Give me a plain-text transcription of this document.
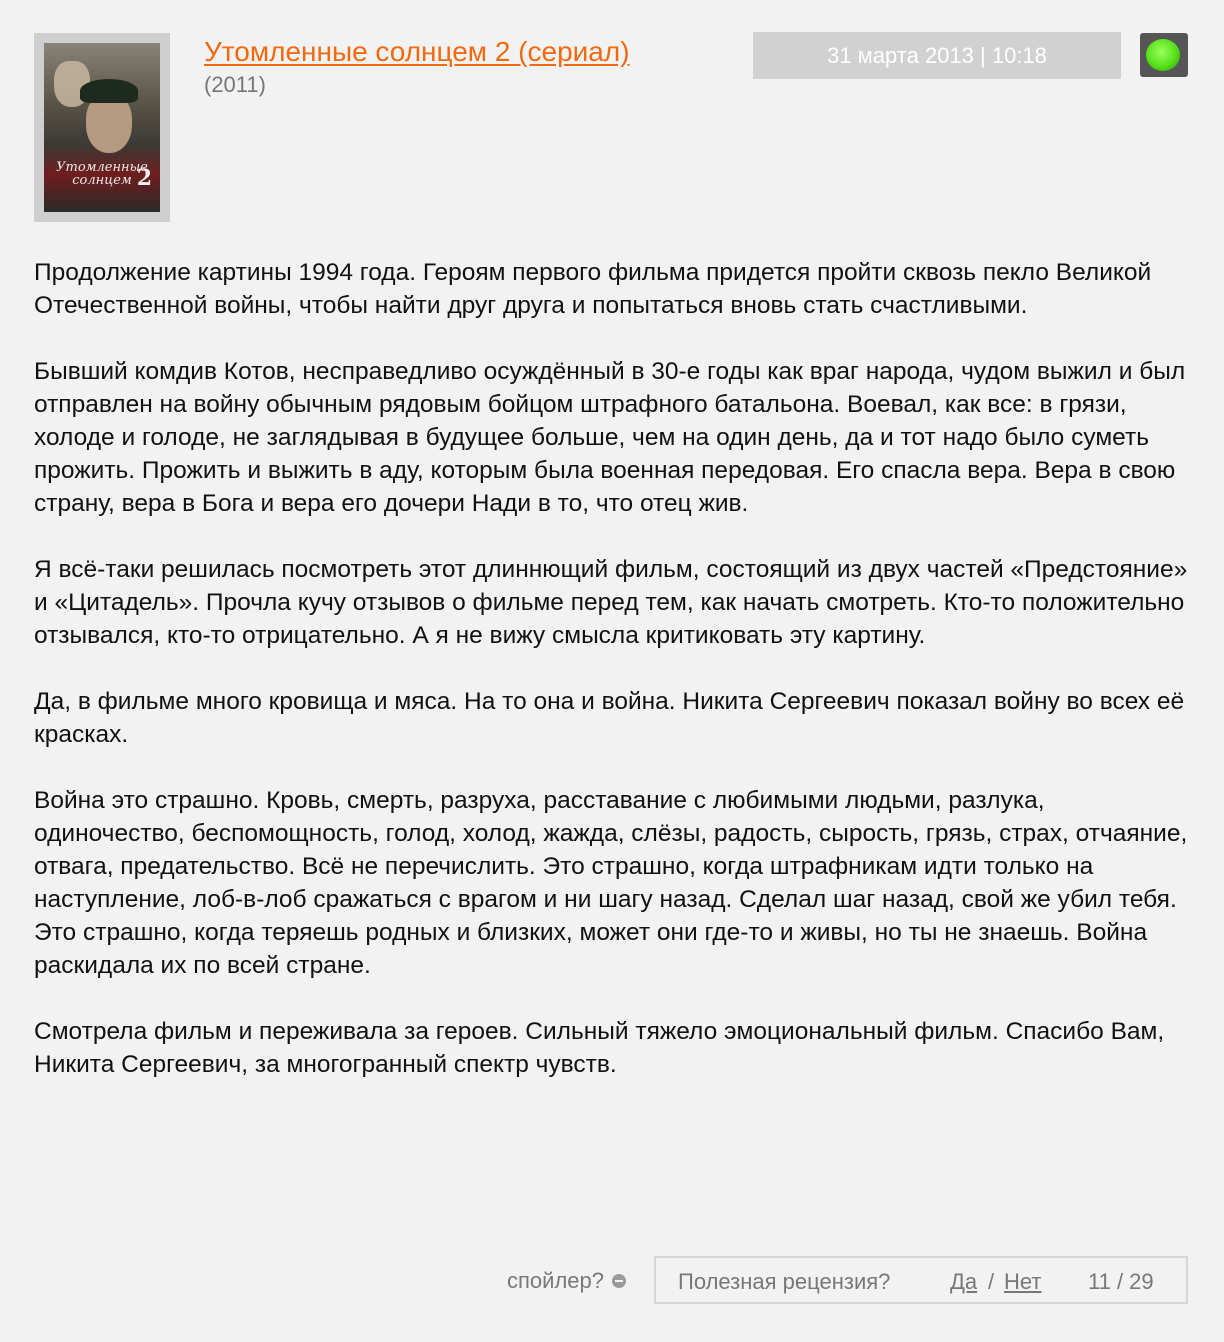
Утомленные солнцем 2
Утомленные солнцем 2 (сериал)
(2011)
31 марта 2013 | 10:18

Продолжение картины 1994 года. Героям первого фильма придется пройти сквозь пекло Великой Отечественной войны, чтобы найти друг друга и попытаться вновь стать счастливыми.

Бывший комдив Котов, несправедливо осуждённый в 30-е годы как враг народа, чудом выжил и был отправлен на войну обычным рядовым бойцом штрафного батальона. Воевал, как все: в грязи, холоде и голоде, не заглядывая в будущее больше, чем на один день, да и тот надо было суметь прожить. Прожить и выжить в аду, которым была военная передовая. Его спасла вера. Вера в свою страну, вера в Бога и вера его дочери Нади в то, что отец жив.

Я всё-таки решилась посмотреть этот длиннющий фильм, состоящий из двух частей «Предстояние» и «Цитадель». Прочла кучу отзывов о фильме перед тем, как начать смотреть. Кто-то положительно отзывался, кто-то отрицательно. А я не вижу смысла критиковать эту картину.

Да, в фильме много кровища и мяса. На то она и война. Никита Сергеевич показал войну во всех её красках.

Война это страшно. Кровь, смерть, разруха, расставание с любимыми людьми, разлука, одиночество, беспомощность, голод, холод, жажда, слёзы, радость, сырость, грязь, страх, отчаяние, отвага, предательство. Всё не перечислить. Это страшно, когда штрафникам идти только на наступление, лоб-в-лоб сражаться с врагом и ни шагу назад. Сделал шаг назад, свой же убил тебя. Это страшно, когда теряешь родных и близких, может они где-то и живы, но ты не знаешь. Война раскидала их по всей стране.

Смотрела фильм и переживала за героев. Сильный тяжело эмоциональный фильм. Спасибо Вам, Никита Сергеевич, за многогранный спектр чувств.

спойлер?	Полезная рецензия?	Да / Нет 11 / 29
